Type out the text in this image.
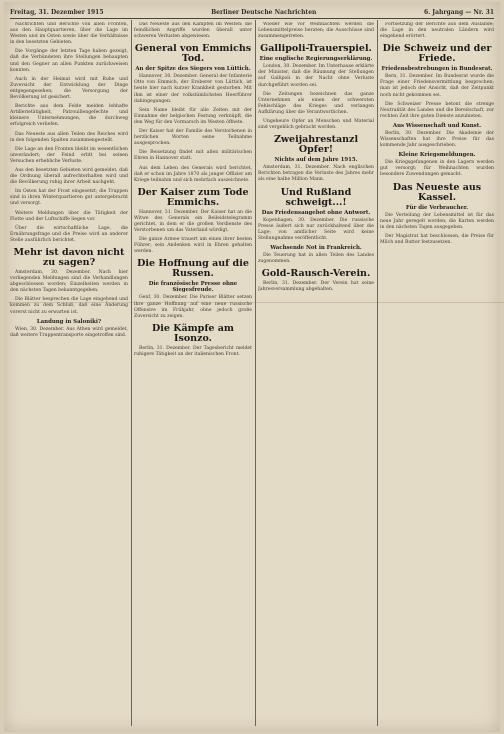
Freitag, 31. Dezember 1915	Berliner Deutsche Nachrichten	6. Jahrgang — Nr. 31

Nachrichten und Berichte von allen Fronten, aus den Hauptquartieren, über die Lage im Westen und im Osten sowie über die Verhältnisse in den besetzten Gebieten.

Die Vorgänge der letzten Tage haben gezeigt, daß die Verbündeten ihre Stellungen behaupten und den Gegner an allen Punkten zurückweisen konnten.

Auch in der Heimat wird mit Ruhe und Zuversicht der Entwicklung der Dinge entgegengesehen; die Versorgung der Bevölkerung ist gesichert.

Berichte aus dem Felde melden lebhafte Artillerietätigkeit, Patrouillengefechte und kleinere Unternehmungen, die durchweg erfolgreich verliefen.

Das Neueste aus allen Teilen des Reiches wird in den folgenden Spalten zusammengestellt.

Die Lage an den Fronten bleibt im wesentlichen unverändert; der Feind erlitt bei seinen Versuchen erhebliche Verluste.

Aus den besetzten Gebieten wird gemeldet, daß die Ordnung überall aufrechterhalten wird und die Bevölkerung ruhig ihrer Arbeit nachgeht.

Im Osten hat der Frost eingesetzt; die Truppen sind in ihren Winterquartieren gut untergebracht und versorgt.

Weitere Meldungen über die Tätigkeit der Flotte und der Luftschiffe liegen vor.

Über die wirtschaftliche Lage, die Ernährungsfrage und die Preise wird an anderer Stelle ausführlich berichtet.

Mehr ist davon nicht zu sagen?

Amsterdam, 30. Dezember. Nach hier vorliegenden Meldungen sind die Verhandlungen abgeschlossen worden; Einzelheiten werden in den nächsten Tagen bekanntgegeben.

Die Blätter besprechen die Lage eingehend und kommen zu dem Schluß, daß eine Änderung vorerst nicht zu erwarten ist.

Landung in Saloniki?

Wien, 30. Dezember. Aus Athen wird gemeldet, daß weitere Truppentransporte eingetroffen sind.

Das Neueste aus den Kämpfen im Westen: die feindlichen Angriffe wurden überall unter schweren Verlusten abgewiesen.

General von Emmichs Tod.
An der Spitze des Siegers von Lüttich.

Hannover, 30. Dezember. General der Infanterie Otto von Emmich, der Eroberer von Lüttich, ist heute hier nach kurzer Krankheit gestorben. Mit ihm ist einer der volkstümlichsten Heerführer dahingegangen.

Sein Name bleibt für alle Zeiten mit der Einnahme der belgischen Festung verknüpft, die den Weg für den Vormarsch im Westen öffnete.

Der Kaiser hat der Familie des Verstorbenen in herzlichen Worten seine Teilnahme ausgesprochen.

Die Beisetzung findet mit allen militärischen Ehren in Hannover statt.

Aus dem Leben des Generals wird berichtet, daß er schon im Jahre 1870 als junger Offizier am Kriege teilnahm und sich mehrfach auszeichnete.

Der Kaiser zum Tode Emmichs.

Hannover, 31. Dezember. Der Kaiser hat an die Witwe des Generals ein Beileidstelegramm gerichtet, in dem er die großen Verdienste des Verstorbenen um das Vaterland würdigt.

Die ganze Armee trauert um einen ihrer besten Führer; sein Andenken wird in Ehren gehalten werden.

Die Hoffnung auf die Russen.
Die französische Presse ohne Siegesfreude.

Genf, 30. Dezember. Die Pariser Blätter setzen ihre ganze Hoffnung auf eine neue russische Offensive im Frühjahr, ohne jedoch große Zuversicht zu zeigen.

Die Kämpfe am Isonzo.

Berlin, 31. Dezember. Der Tagesbericht meldet ruhigere Tätigkeit an der italienischen Front.

Wieder wie vor Weihnachten werden die Lebensmittelpreise beraten; die Ausschüsse sind zusammengetreten.

Gallipoli-Trauerspiel.
Eine englische Regierungserklärung.

London, 30. Dezember. Im Unterhause erklärte der Minister, daß die Räumung der Stellungen auf Gallipoli in der Nacht ohne Verluste durchgeführt worden sei.

Die Zeitungen bezeichnen das ganze Unternehmen als einen der schwersten Fehlschläge des Krieges und verlangen Aufklärung über die Verantwortlichen.

Ungeheure Opfer an Menschen und Material sind vergeblich gebracht worden.

Zweijahrestanzl Opfer!
Nichts auf dem Jahre 1915.

Amsterdam, 31. Dezember. Nach englischen Berichten betragen die Verluste des Jahres mehr als eine halbe Million Mann.

Und Rußland schweigt...!
Das Friedensangebot ohne Antwort.

Kopenhagen, 30. Dezember. Die russische Presse äußert sich nur zurückhaltend über die Lage; von amtlicher Seite wird keine Stellungnahme veröffentlicht.

Wachsende Not in Frankreich.

Die Teuerung hat in allen Teilen des Landes zugenommen.

Gold-Rausch-Verein.

Berlin, 31. Dezember. Der Verein hat seine Jahresversammlung abgehalten.

Fortsetzung der Berichte aus dem Auslande; die Lage in den neutralen Ländern wird eingehend erörtert.

Die Schweiz und der Friede.
Friedensbestrebungen in Bundesrat.

Bern, 31. Dezember. Im Bundesrat wurde die Frage einer Friedensvermittlung besprochen; man ist jedoch der Ansicht, daß der Zeitpunkt noch nicht gekommen sei.

Die Schweizer Presse betont die strenge Neutralität des Landes und die Bereitschaft, zur rechten Zeit ihre guten Dienste anzubieten.

Aus Wissenschaft und Kunst.

Berlin, 30. Dezember. Die Akademie der Wissenschaften hat ihre Preise für das kommende Jahr ausgeschrieben.

Kleine Kriegsmeldungen.

Die Kriegsgefangenen in den Lagern werden gut versorgt; für Weihnachten wurden besondere Zuwendungen gemacht.

Das Neueste aus Kassel.
Für die Verbraucher.

Die Verteilung der Lebensmittel ist für das neue Jahr geregelt worden; die Karten werden in den nächsten Tagen ausgegeben.

Der Magistrat hat beschlossen, die Preise für Milch und Butter festzusetzen.
